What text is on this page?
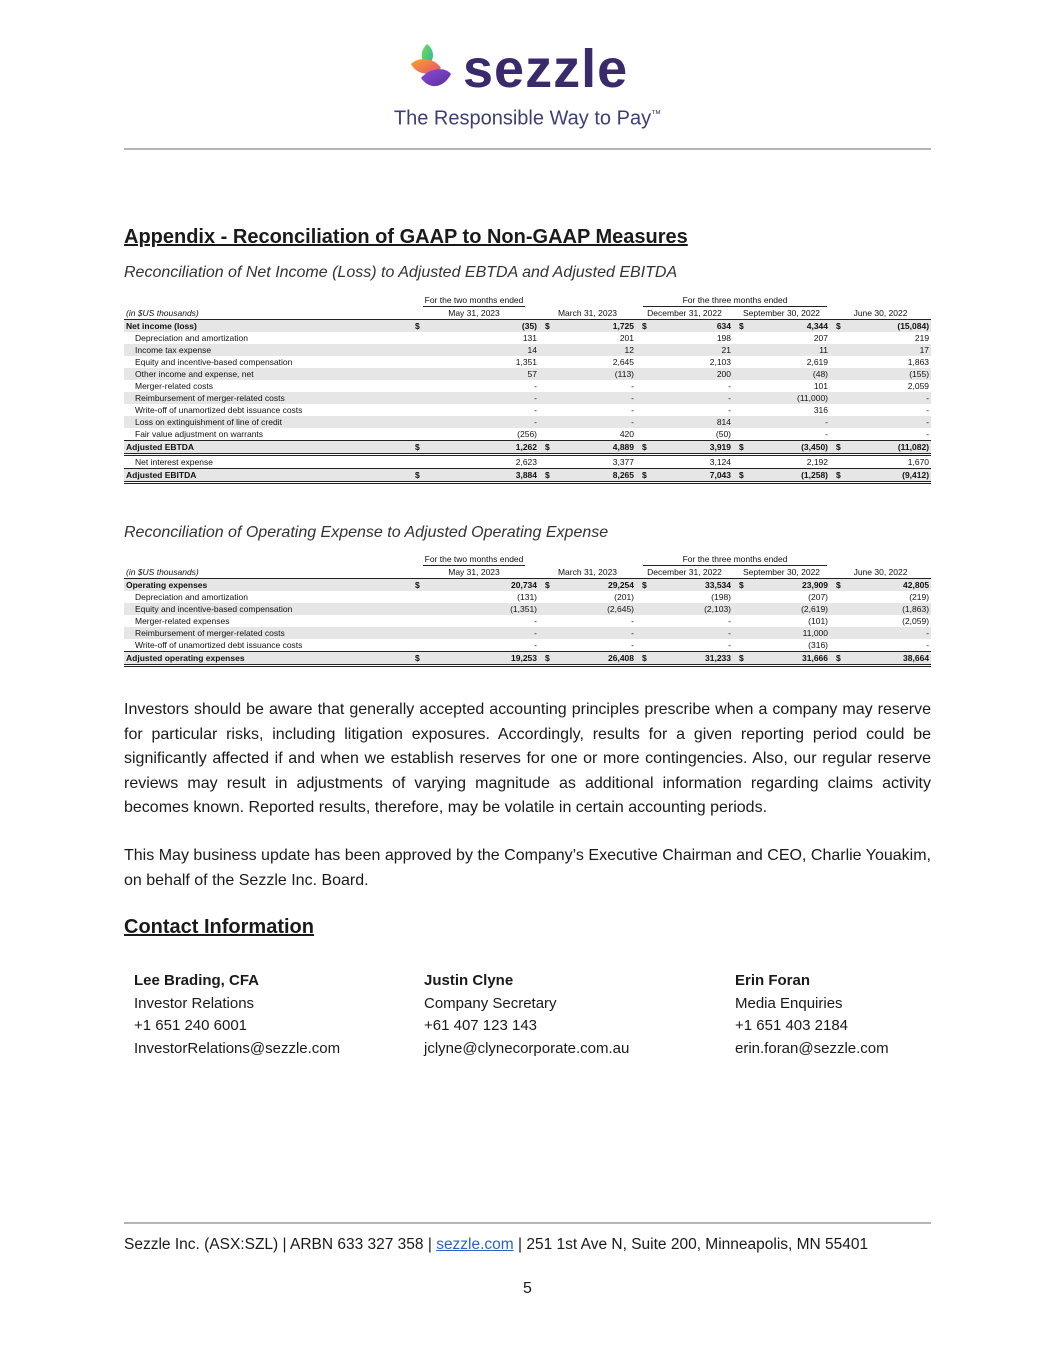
sezzle
The Responsible Way to Pay™
Appendix - Reconciliation of GAAP to Non-GAAP Measures
Reconciliation of Net Income (Loss) to Adjusted EBTDA and Adjusted EBITDA
	For the two months ended		For the three months ended							
(in $US thousands)	May 31, 2023		March 31, 2023		December 31, 2022		September 30, 2022		June 30, 2022	
Net income (loss)	$	(35)	$	1,725	$	634	$	4,344	$	(15,084)
Depreciation and amortization		131		201		198		207		219
Income tax expense		14		12		21		11		17
Equity and incentive-based compensation		1,351		2,645		2,103		2,619		1,863
Other income and expense, net		57		(113)		200		(48)		(155)
Merger-related costs		-		-		-		101		2,059
Reimbursement of merger-related costs		-		-		-		(11,000)		-
Write-off of unamortized debt issuance costs		-		-		-		316		-
Loss on extinguishment of line of credit		-		-		814		-		-
Fair value adjustment on warrants		(256)		420		(50)		-		-
Adjusted EBTDA	$	1,262	$	4,889	$	3,919	$	(3,450)	$	(11,082)
Net interest expense		2,623		3,377		3,124		2,192		1,670
Adjusted EBITDA	$	3,884	$	8,265	$	7,043	$	(1,258)	$	(9,412)
Reconciliation of Operating Expense to Adjusted Operating Expense
	For the two months ended		For the three months ended							
(in $US thousands)	May 31, 2023		March 31, 2023		December 31, 2022		September 30, 2022		June 30, 2022	
Operating expenses	$	20,734	$	29,254	$	33,534	$	23,909	$	42,805
Depreciation and amortization		(131)		(201)		(198)		(207)		(219)
Equity and incentive-based compensation		(1,351)		(2,645)		(2,103)		(2,619)		(1,863)
Merger-related expenses		-		-		-		(101)		(2,059)
Reimbursement of merger-related costs		-		-		-		11,000		-
Write-off of unamortized debt issuance costs		-		-		-		(316)		-
Adjusted operating expenses	$	19,253	$	26,408	$	31,233	$	31,666	$	38,664
Investors should be aware that generally accepted accounting principles prescribe when a company may reserve for particular risks, including litigation exposures. Accordingly, results for a given reporting period could be significantly affected if and when we establish reserves for one or more contingencies. Also, our regular reserve reviews may result in adjustments of varying magnitude as additional information regarding claims activity becomes known. Reported results, therefore, may be volatile in certain accounting periods.
This May business update has been approved by the Company’s Executive Chairman and CEO, Charlie Youakim, on behalf of the Sezzle Inc. Board.
Contact Information
Lee Brading, CFA
Investor Relations
+1 651 240 6001
InvestorRelations@sezzle.com
Justin Clyne
Company Secretary
+61 407 123 143
jclyne@clynecorporate.com.au
Erin Foran
Media Enquiries
+1 651 403 2184
erin.foran@sezzle.com
Sezzle Inc. (ASX:SZL) | ARBN 633 327 358 | sezzle.com | 251 1st Ave N, Suite 200, Minneapolis, MN 55401
5
